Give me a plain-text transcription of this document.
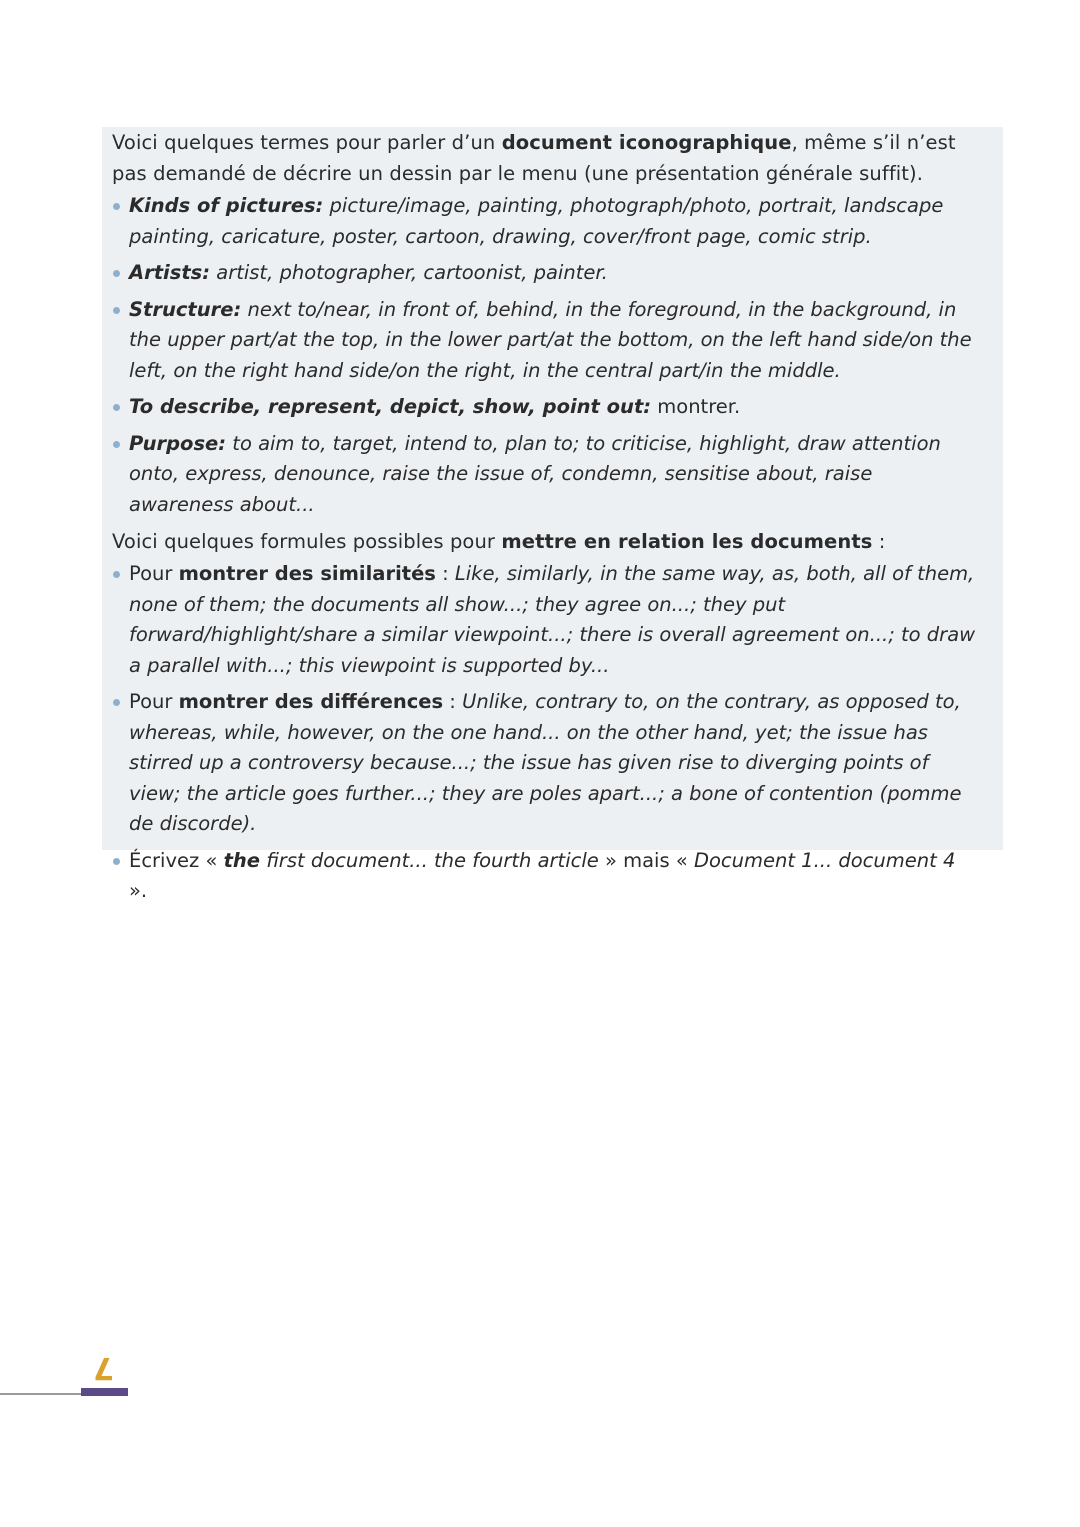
Voici quelques termes pour parler d’un document iconographique, même s’il n’est pas demandé de décrire un dessin par le menu (une présentation générale suffit).

Kinds of pictures: picture/image, painting, photograph/photo, portrait, landscape painting, caricature, poster, cartoon, drawing, cover/front page, comic strip.
Artists: artist, photographer, cartoonist, painter.
Structure: next to/near, in front of, behind, in the foreground, in the background, in the upper part/at the top, in the lower part/at the bottom, on the left hand side/on the left, on the right hand side/on the right, in the central part/in the middle.
To describe, represent, depict, show, point out: montrer.
Purpose: to aim to, target, intend to, plan to; to criticise, highlight, draw attention onto, express, denounce, raise the issue of, condemn, sensitise about, raise awareness about...

Voici quelques formules possibles pour mettre en relation les documents :

Pour montrer des similarités : Like, similarly, in the same way, as, both, all of them, none of them; the documents all show...; they agree on...; they put forward/highlight/share a similar viewpoint...; there is overall agreement on...; to draw a parallel with...; this viewpoint is supported by...
Pour montrer des différences : Unlike, contrary to, on the contrary, as opposed to, whereas, while, however, on the one hand... on the other hand, yet; the issue has stirred up a controversy because...; the issue has given rise to diverging points of view; the article goes further...; they are poles apart...; a bone of contention (pomme de discorde).
Écrivez « the first document... the fourth article » mais « Document 1... document 4 ».
7
